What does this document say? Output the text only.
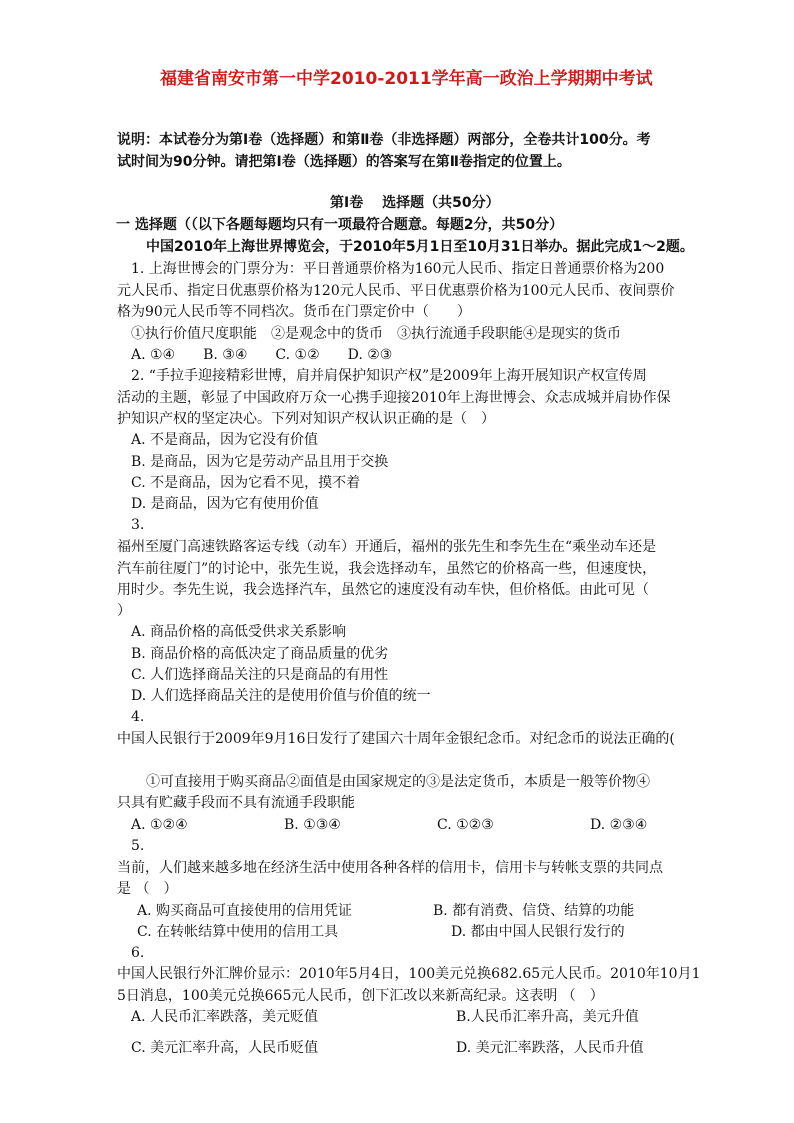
福建省南安市第一中学2010-2011学年高一政治上学期期中考试
说明：本试卷分为第Ⅰ卷（选择题）和第Ⅱ卷（非选择题）两部分，全卷共计100分。考
试时间为90分钟。请把第Ⅰ卷（选择题）的答案写在第Ⅱ卷指定的位置上。
第Ⅰ卷　 选择题（共50分）
一 选择题（（以下各题每题均只有一项最符合题意。每题2分，共50分）
中国2010年上海世界博览会，于2010年5月1日至10月31日举办。据此完成1～2题。
1. 上海世博会的门票分为：平日普通票价格为160元人民币、指定日普通票价格为200
元人民币、指定日优惠票价格为120元人民币、平日优惠票价格为100元人民币、夜间票价
格为90元人民币等不同档次。货币在门票定价中（　　）
①执行价值尺度职能　②是观念中的货币　③执行流通手段职能④是现实的货币
A. ①④　　B. ③④　　C. ①②　　D. ②③
2. “手拉手迎接精彩世博，肩并肩保护知识产权”是2009年上海开展知识产权宣传周
活动的主题，彰显了中国政府万众一心携手迎接2010年上海世博会、众志成城并肩协作保
护知识产权的坚定决心。下列对知识产权认识正确的是（　）
A. 不是商品，因为它没有价值
B. 是商品，因为它是劳动产品且用于交换
C. 不是商品，因为它看不见，摸不着
D. 是商品，因为它有使用价值
3.
福州至厦门高速铁路客运专线（动车）开通后，福州的张先生和李先生在“乘坐动车还是
汽车前往厦门”的讨论中，张先生说，我会选择动车，虽然它的价格高一些，但速度快，
用时少。李先生说，我会选择汽车，虽然它的速度没有动车快，但价格低。由此可见（
）
A. 商品价格的高低受供求关系影响
B. 商品价格的高低决定了商品质量的优劣
C. 人们选择商品关注的只是商品的有用性
D. 人们选择商品关注的是使用价值与价值的统一
4.
中国人民银行于2009年9月16日发行了建国六十周年金银纪念币。对纪念币的说法正确的(
①可直接用于购买商品②面值是由国家规定的③是法定货币，本质是一般等价物④
只具有贮藏手段而不具有流通手段职能
A. ①②④	B. ①③④	C. ①②③	D. ②③④
5.
当前，人们越来越多地在经济生活中使用各种各样的信用卡，信用卡与转帐支票的共同点
是 （　）
A. 购买商品可直接使用的信用凭证	B. 都有消费、信贷、结算的功能
C. 在转帐结算中使用的信用工具	D. 都由中国人民银行发行的
6.
中国人民银行外汇牌价显示：2010年5月4日，100美元兑换682.65元人民币。2010年10月1
5日消息，100美元兑换665元人民币，创下汇改以来新高纪录。这表明 （　）
A. 人民币汇率跌落，美元贬值	B.人民币汇率升高，美元升值
C. 美元汇率升高，人民币贬值	D. 美元汇率跌落，人民币升值
